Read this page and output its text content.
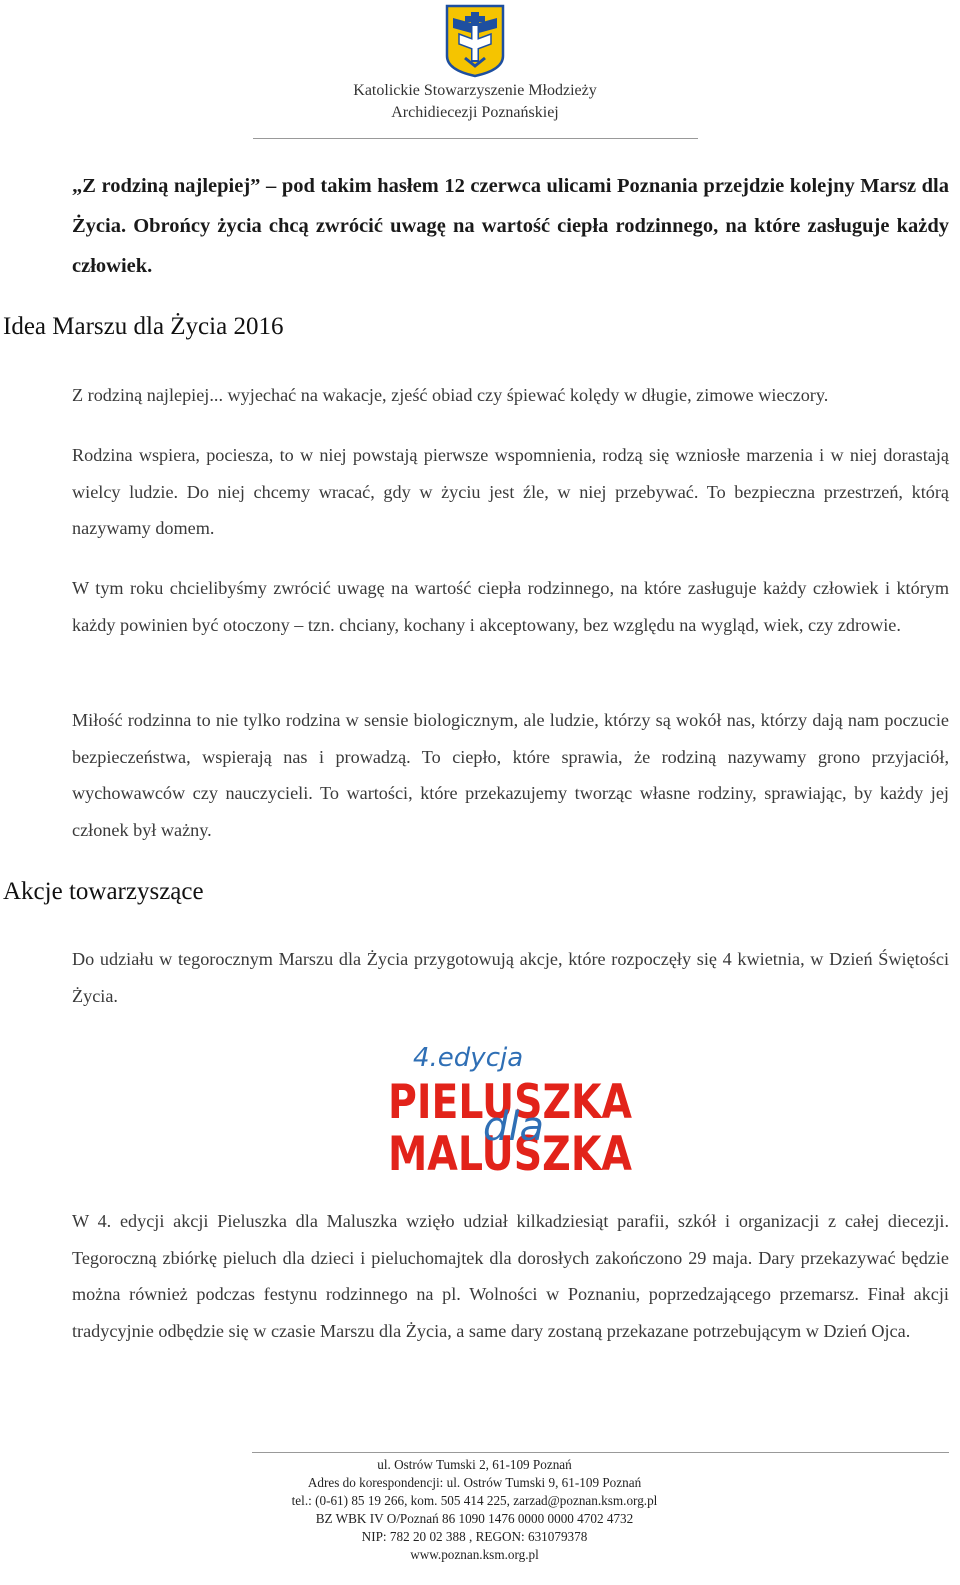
Katolickie Stowarzyszenie Młodzieży
Archidiecezji Poznańskiej
„Z rodziną najlepiej” – pod takim hasłem 12 czerwca ulicami Poznania przejdzie kolejny Marsz dla Życia. Obrońcy życia chcą zwrócić uwagę na wartość ciepła rodzinnego, na które zasługuje każdy człowiek.
Idea Marszu dla Życia 2016

Z rodziną najlepiej... wyjechać na wakacje, zjeść obiad czy śpiewać kolędy w długie, zimowe wieczory.

Rodzina wspiera, pociesza, to w niej powstają pierwsze wspomnienia, rodzą się wzniosłe marzenia i w niej dorastają wielcy ludzie. Do niej chcemy wracać, gdy w życiu jest źle, w niej przebywać. To bezpieczna przestrzeń, którą nazywamy domem.

W tym roku chcielibyśmy zwrócić uwagę na wartość ciepła rodzinnego, na które zasługuje każdy człowiek i którym każdy powinien być otoczony – tzn. chciany, kochany i akceptowany, bez względu na wygląd, wiek, czy zdrowie.

Miłość rodzinna to nie tylko rodzina w sensie biologicznym, ale ludzie, którzy są wokół nas, którzy dają nam poczucie bezpieczeństwa, wspierają nas i prowadzą. To ciepło, które sprawia, że rodziną nazywamy grono przyjaciół, wychowawców czy nauczycieli. To wartości, które przekazujemy tworząc własne rodziny, sprawiając, by każdy jej członek był ważny.

Akcje towarzyszące

Do udziału w tegorocznym Marszu dla Życia przygotowują akcje, które rozpoczęły się 4 kwietnia, w Dzień Świętości Życia.

4.edycja
PIELUSZKA
MALUSZKA
dla

W 4. edycji akcji Pieluszka dla Maluszka wzięło udział kilkadziesiąt parafii, szkół i organizacji z całej diecezji. Tegoroczną zbiórkę pieluch dla dzieci i pieluchomajtek dla dorosłych zakończono 29 maja. Dary przekazywać będzie można również podczas festynu rodzinnego na pl. Wolności w Poznaniu, poprzedzającego przemarsz. Finał akcji tradycyjnie odbędzie się w czasie Marszu dla Życia, a same dary zostaną przekazane potrzebującym w Dzień Ojca.

ul. Ostrów Tumski 2, 61-109 Poznań
Adres do korespondencji: ul. Ostrów Tumski 9, 61-109 Poznań
tel.: (0-61) 85 19 266, kom. 505 414 225, zarzad@poznan.ksm.org.pl
BZ WBK IV O/Poznań 86 1090 1476 0000 0000 4702 4732
NIP: 782 20 02 388 , REGON: 631079378
www.poznan.ksm.org.pl
